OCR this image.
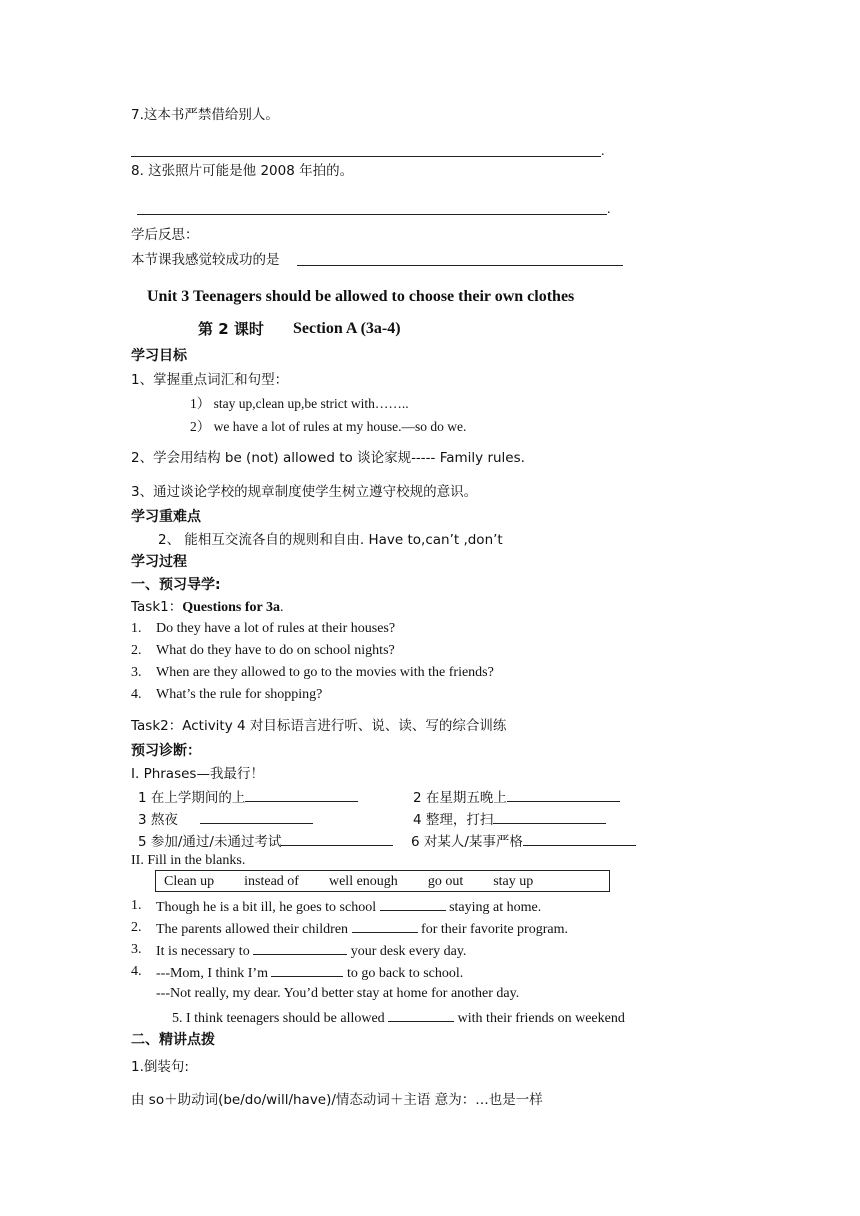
7.这本书严禁借给别人。
.
8. 这张照片可能是他 2008 年拍的。
.
学后反思：
本节课我感觉较成功的是
Unit 3 Teenagers should be allowed to choose their own clothes
第 2 课时 Section A (3a-4)
学习目标
1、掌握重点词汇和句型：
1） stay up,clean up,be strict with……..
2） we have a lot of rules at my house.—so do we.
2、学会用结构 be (not) allowed to 谈论家规----- Family rules.
3、通过谈论学校的规章制度使学生树立遵守校规的意识。
学习重难点
2、 能相互交流各自的规则和自由. Have to,can’t ,don’t
学习过程
一、预习导学:
Task1：Questions for 3a.
1. Do they have a lot of rules at their houses?
2. What do they have to do on school nights?
3. When are they allowed to go to the movies with the friends?
4. What’s the rule for shopping?
Task2：Activity 4 对目标语言进行听、说、读、写的综合训练
预习诊断：
I. Phrases—我最行！
1 在上学期间的上	2 在星期五晚上
3 熬夜	4 整理，打扫
5 参加/通过/未通过考试	6 对某人/某事严格
II. Fill in the blanks.
Clean up instead of well enough go out stay up
1. Though he is a bit ill, he goes to school	staying at home.
2. The parents allowed their children	for their favorite program.
3. It is necessary to	your desk every day.
4. ---Mom, I think I’m	to go back to school.
---Not really, my dear. You’d better stay at home for another day.
5. I think teenagers should be allowed	with their friends on weekend
二、精讲点拨
1.倒装句:
由 so＋助动词(be/do/will/have)/情态动词＋主语 意为：…也是一样
